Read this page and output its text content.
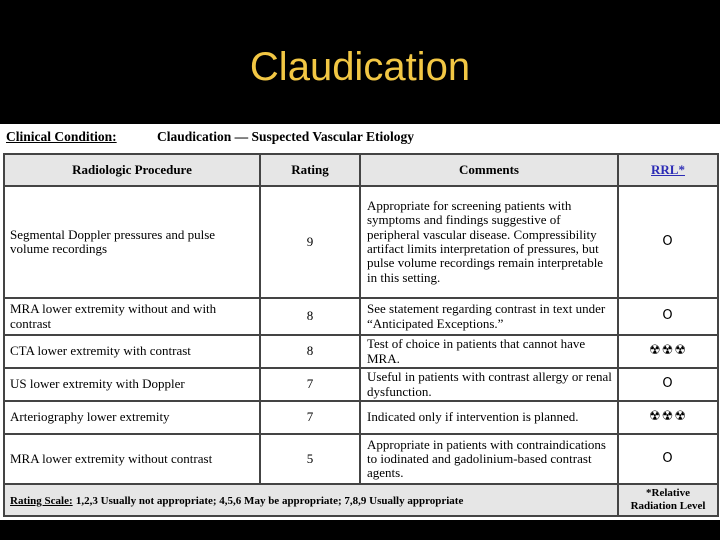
Claudication
Clinical Condition:	Claudication — Suspected Vascular Etiology
Radiologic Procedure	Rating	Comments	RRL*
Segmental Doppler pressures and pulse volume recordings	9	Appropriate for screening patients with symptoms and findings suggestive of peripheral vascular disease. Compressibility artifact limits interpretation of pressures, but pulse volume recordings remain interpretable in this setting.	O
MRA lower extremity without and with contrast	8	See statement regarding contrast in text under “Anticipated Exceptions.”	O
CTA lower extremity with contrast	8	Test of choice in patients that cannot have MRA.	☢☢☢
US lower extremity with Doppler	7	Useful in patients with contrast allergy or renal dysfunction.	O
Arteriography lower extremity	7	Indicated only if intervention is planned.	☢☢☢
MRA lower extremity without contrast	5	Appropriate in patients with contraindications to iodinated and gadolinium-based contrast agents.	O
Rating Scale: 1,2,3 Usually not appropriate; 4,5,6 May be appropriate; 7,8,9 Usually appropriate			*Relative
Radiation Level
